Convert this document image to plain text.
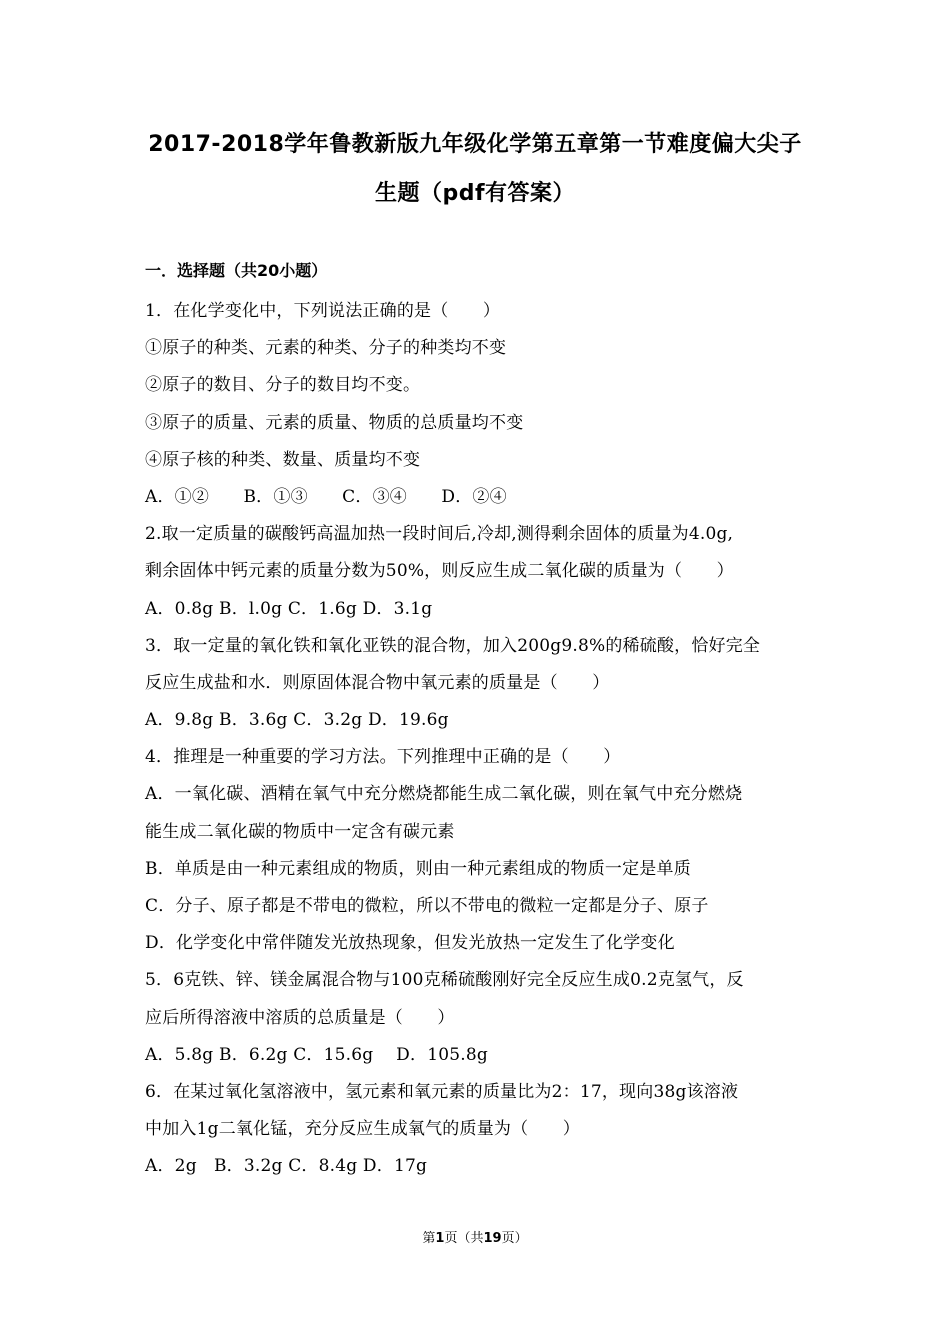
2017-2018学年鲁教新版九年级化学第五章第一节难度偏大尖子
生题（pdf有答案）
一．选择题（共20小题）
1．在化学变化中，下列说法正确的是（　　）
①原子的种类、元素的种类、分子的种类均不变
②原子的数目、分子的数目均不变。
③原子的质量、元素的质量、物质的总质量均不变
④原子核的种类、数量、质量均不变
A．①②　　B．①③　　C．③④　　D．②④
2.取一定质量的碳酸钙高温加热一段时间后,冷却,测得剩余固体的质量为4.0g,
剩余固体中钙元素的质量分数为50%，则反应生成二氧化碳的质量为（　　）
A．0.8g B．l.0g C．1.6g D．3.1g
3．取一定量的氧化铁和氧化亚铁的混合物，加入200g9.8%的稀硫酸，恰好完全
反应生成盐和水．则原固体混合物中氧元素的质量是（　　）
A．9.8g B．3.6g C．3.2g D．19.6g
4．推理是一种重要的学习方法。下列推理中正确的是（　　）
A．一氧化碳、酒精在氧气中充分燃烧都能生成二氧化碳，则在氧气中充分燃烧
能生成二氧化碳的物质中一定含有碳元素
B．单质是由一种元素组成的物质，则由一种元素组成的物质一定是单质
C．分子、原子都是不带电的微粒，所以不带电的微粒一定都是分子、原子
D．化学变化中常伴随发光放热现象，但发光放热一定发生了化学变化
5．6克铁、锌、镁金属混合物与100克稀硫酸刚好完全反应生成0.2克氢气，反
应后所得溶液中溶质的总质量是（　　）
A．5.8g B．6.2g C．15.6g　 D．105.8g
6．在某过氧化氢溶液中，氢元素和氧元素的质量比为2：17，现向38g该溶液
中加入1g二氧化锰，充分反应生成氧气的质量为（　　）
A．2g　B．3.2g C．8.4g D．17g
第1页（共19页）
